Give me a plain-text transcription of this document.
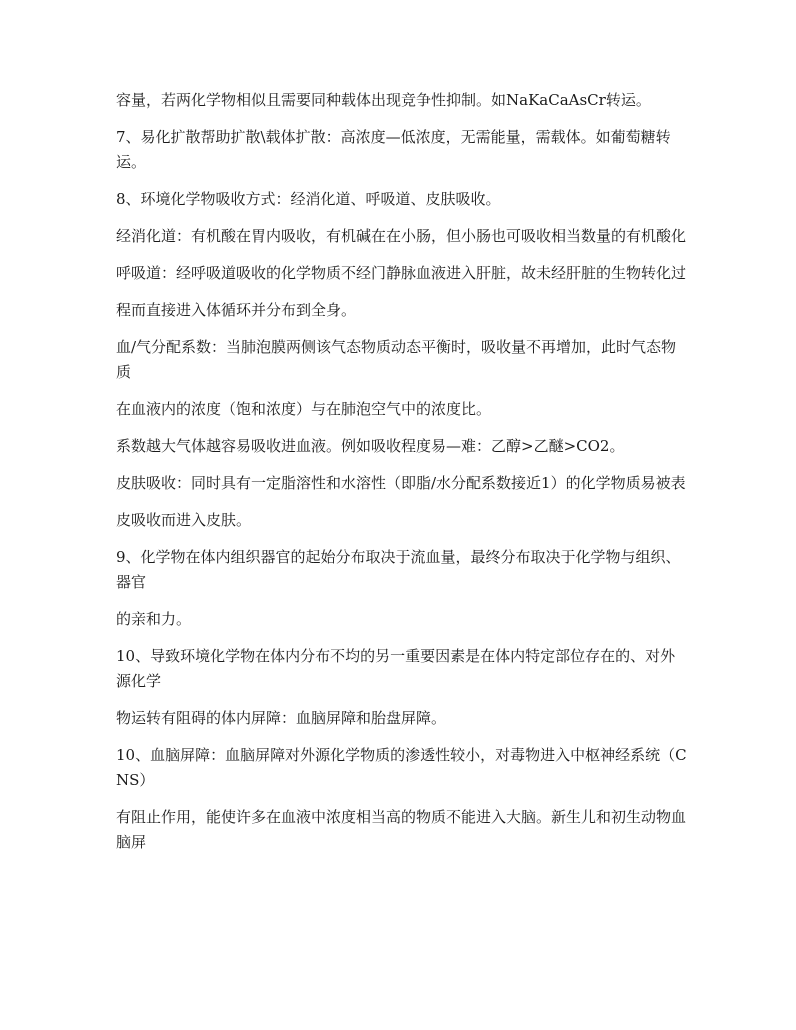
容量，若两化学物相似且需要同种载体出现竞争性抑制。如NaKaCaAsCr转运。

7、易化扩散帮助扩散\载体扩散：高浓度—低浓度，无需能量，需载体。如葡萄糖转运。

8、环境化学物吸收方式：经消化道、呼吸道、皮肤吸收。

经消化道：有机酸在胃内吸收，有机碱在在小肠，但小肠也可吸收相当数量的有机酸化

呼吸道：经呼吸道吸收的化学物质不经门静脉血液进入肝脏，故未经肝脏的生物转化过

程而直接进入体循环并分布到全身。

血/气分配系数：当肺泡膜两侧该气态物质动态平衡时，吸收量不再增加，此时气态物质

在血液内的浓度（饱和浓度）与在肺泡空气中的浓度比。

系数越大气体越容易吸收进血液。例如吸收程度易—难：乙醇>乙醚>CO2。

皮肤吸收：同时具有一定脂溶性和水溶性（即脂/水分配系数接近1）的化学物质易被表

皮吸收而进入皮肤。

9、化学物在体内组织器官的起始分布取决于流血量，最终分布取决于化学物与组织、器官

的亲和力。

10、导致环境化学物在体内分布不均的另一重要因素是在体内特定部位存在的、对外源化学

物运转有阻碍的体内屏障：血脑屏障和胎盘屏障。

10、血脑屏障：血脑屏障对外源化学物质的渗透性较小，对毒物进入中枢神经系统（CNS）

有阻止作用，能使许多在血液中浓度相当高的物质不能进入大脑。新生儿和初生动物血脑屏
